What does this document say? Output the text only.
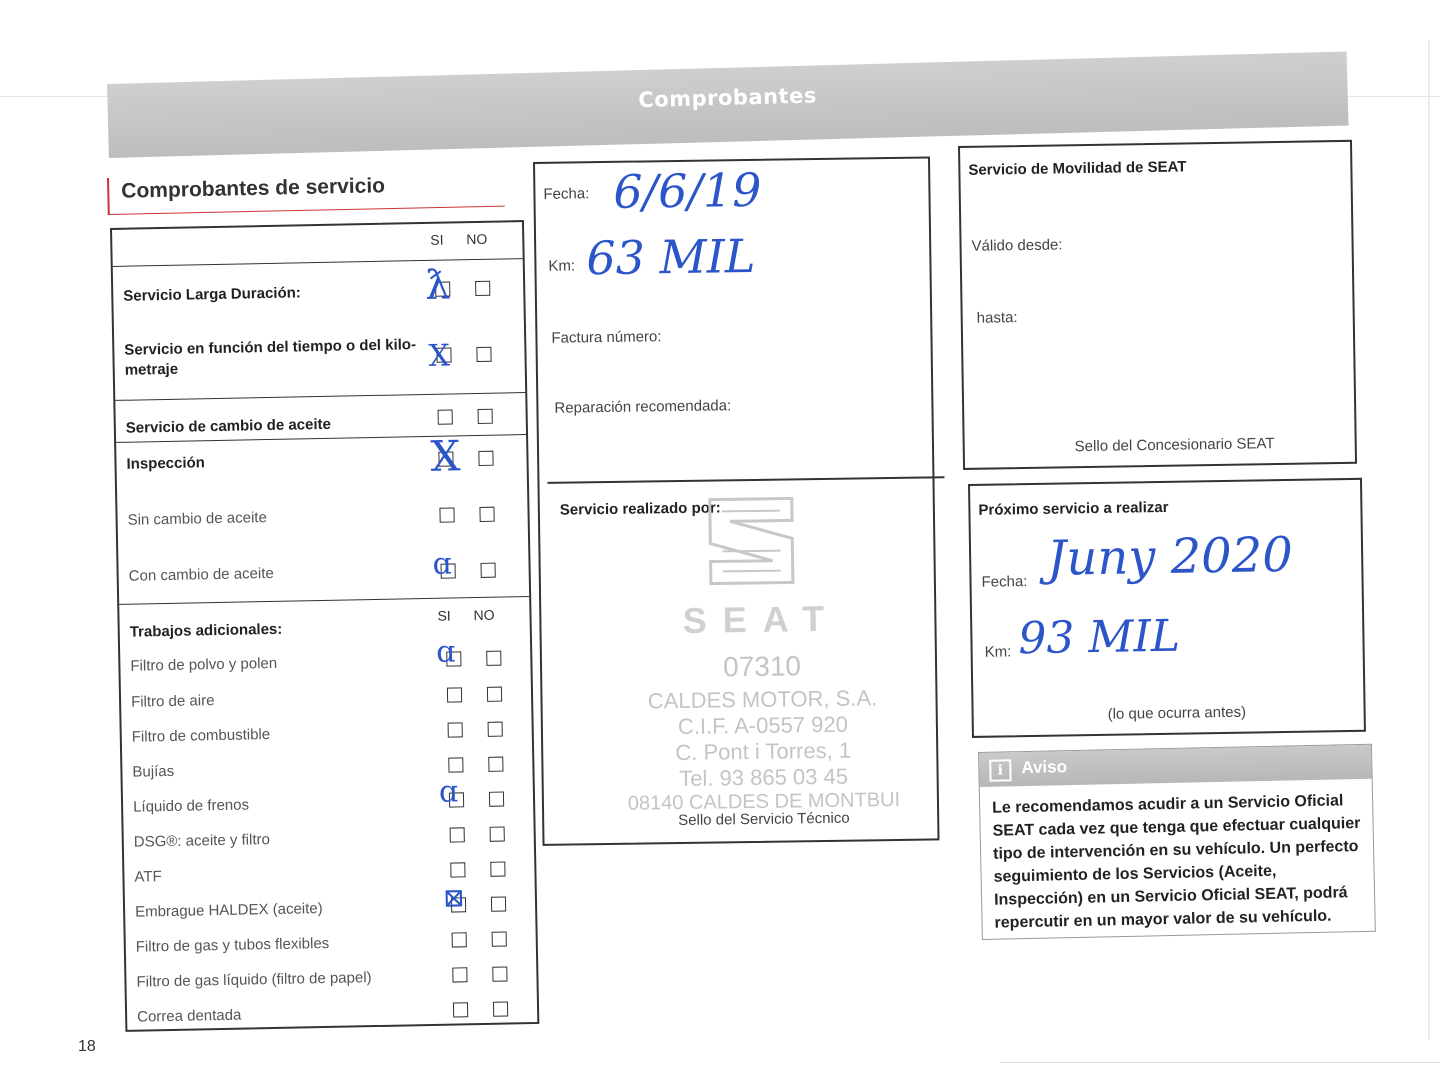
Comprobantes
Comprobantes de servicio
SI NO
Servicio Larga Duración:	ƛ
Servicio en función del tiempo o del kilo-
metraje	X
Servicio de cambio de aceite
Inspección	X
Sin cambio de aceite
Con cambio de aceite	ɑ
Trabajos adicionales:
SI NO
Filtro de polvo y polen	ɑ
Filtro de aire
Filtro de combustible
Bujías
Líquido de frenos	ɑ
DSG®: aceite y filtro
ATF
Embrague HALDEX (aceite)	⊠
Filtro de gas y tubos flexibles
Filtro de gas líquido (filtro de papel)
Correa dentada
Fecha: 6/6/19
Km: 63 MIL
Factura número:
Reparación recomendada:
Servicio realizado por:
SEAT
07310
CALDES MOTOR, S.A.
C.I.F. A-0557 920
C. Pont i Torres, 1
Tel. 93 865 03 45
08140 CALDES DE MONTBUI
Sello del Servicio Técnico
Servicio de Movilidad de SEAT
Válido desde:
hasta:
Sello del Concesionario SEAT
Próximo servicio a realizar
Fecha: Juny 2020
Km: 93 MIL
(lo que ocurra antes)
i	Aviso
Le recomendamos acudir a un Servicio Oficial SEAT cada vez que tenga que efectuar cualquier tipo de intervención en su vehículo. Un perfecto seguimiento de los Servicios (Aceite, Inspección) en un Servicio Oficial SEAT, podrá repercutir en un mayor valor de su vehículo.
18
